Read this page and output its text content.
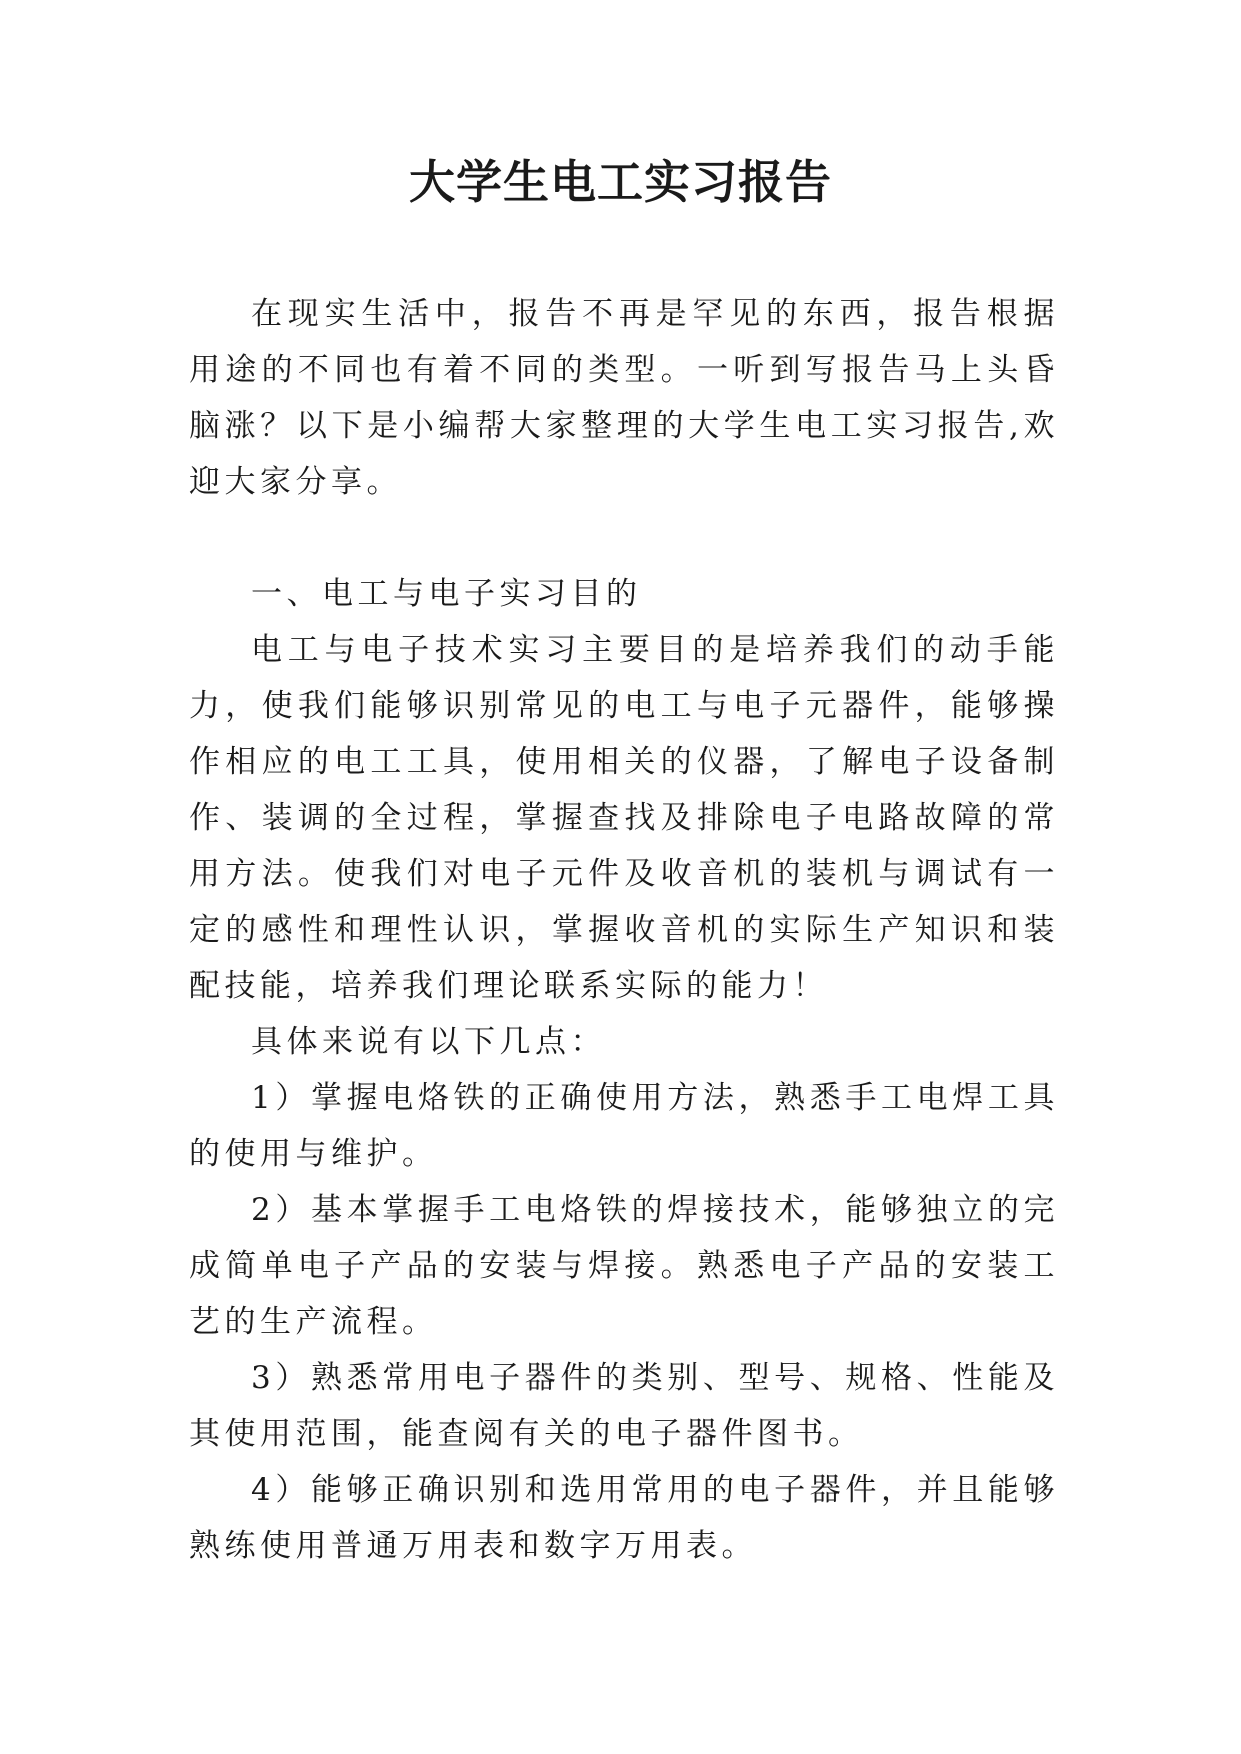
大学生电工实习报告

在现实生活中，报告不再是罕见的东西，报告根据用途的不同也有着不同的类型。一听到写报告马上头昏脑涨？以下是小编帮大家整理的大学生电工实习报告,欢迎大家分享。

一、电工与电子实习目的

电工与电子技术实习主要目的是培养我们的动手能力，使我们能够识别常见的电工与电子元器件，能够操作相应的电工工具，使用相关的仪器，了解电子设备制作、装调的全过程，掌握查找及排除电子电路故障的常用方法。使我们对电子元件及收音机的装机与调试有一定的感性和理性认识，掌握收音机的实际生产知识和装配技能，培养我们理论联系实际的能力！

具体来说有以下几点：

1）掌握电烙铁的正确使用方法，熟悉手工电焊工具的使用与维护。

2）基本掌握手工电烙铁的焊接技术，能够独立的完成简单电子产品的安装与焊接。熟悉电子产品的安装工艺的生产流程。

3）熟悉常用电子器件的类别、型号、规格、性能及其使用范围，能查阅有关的电子器件图书。

4）能够正确识别和选用常用的电子器件，并且能够熟练使用普通万用表和数字万用表。
